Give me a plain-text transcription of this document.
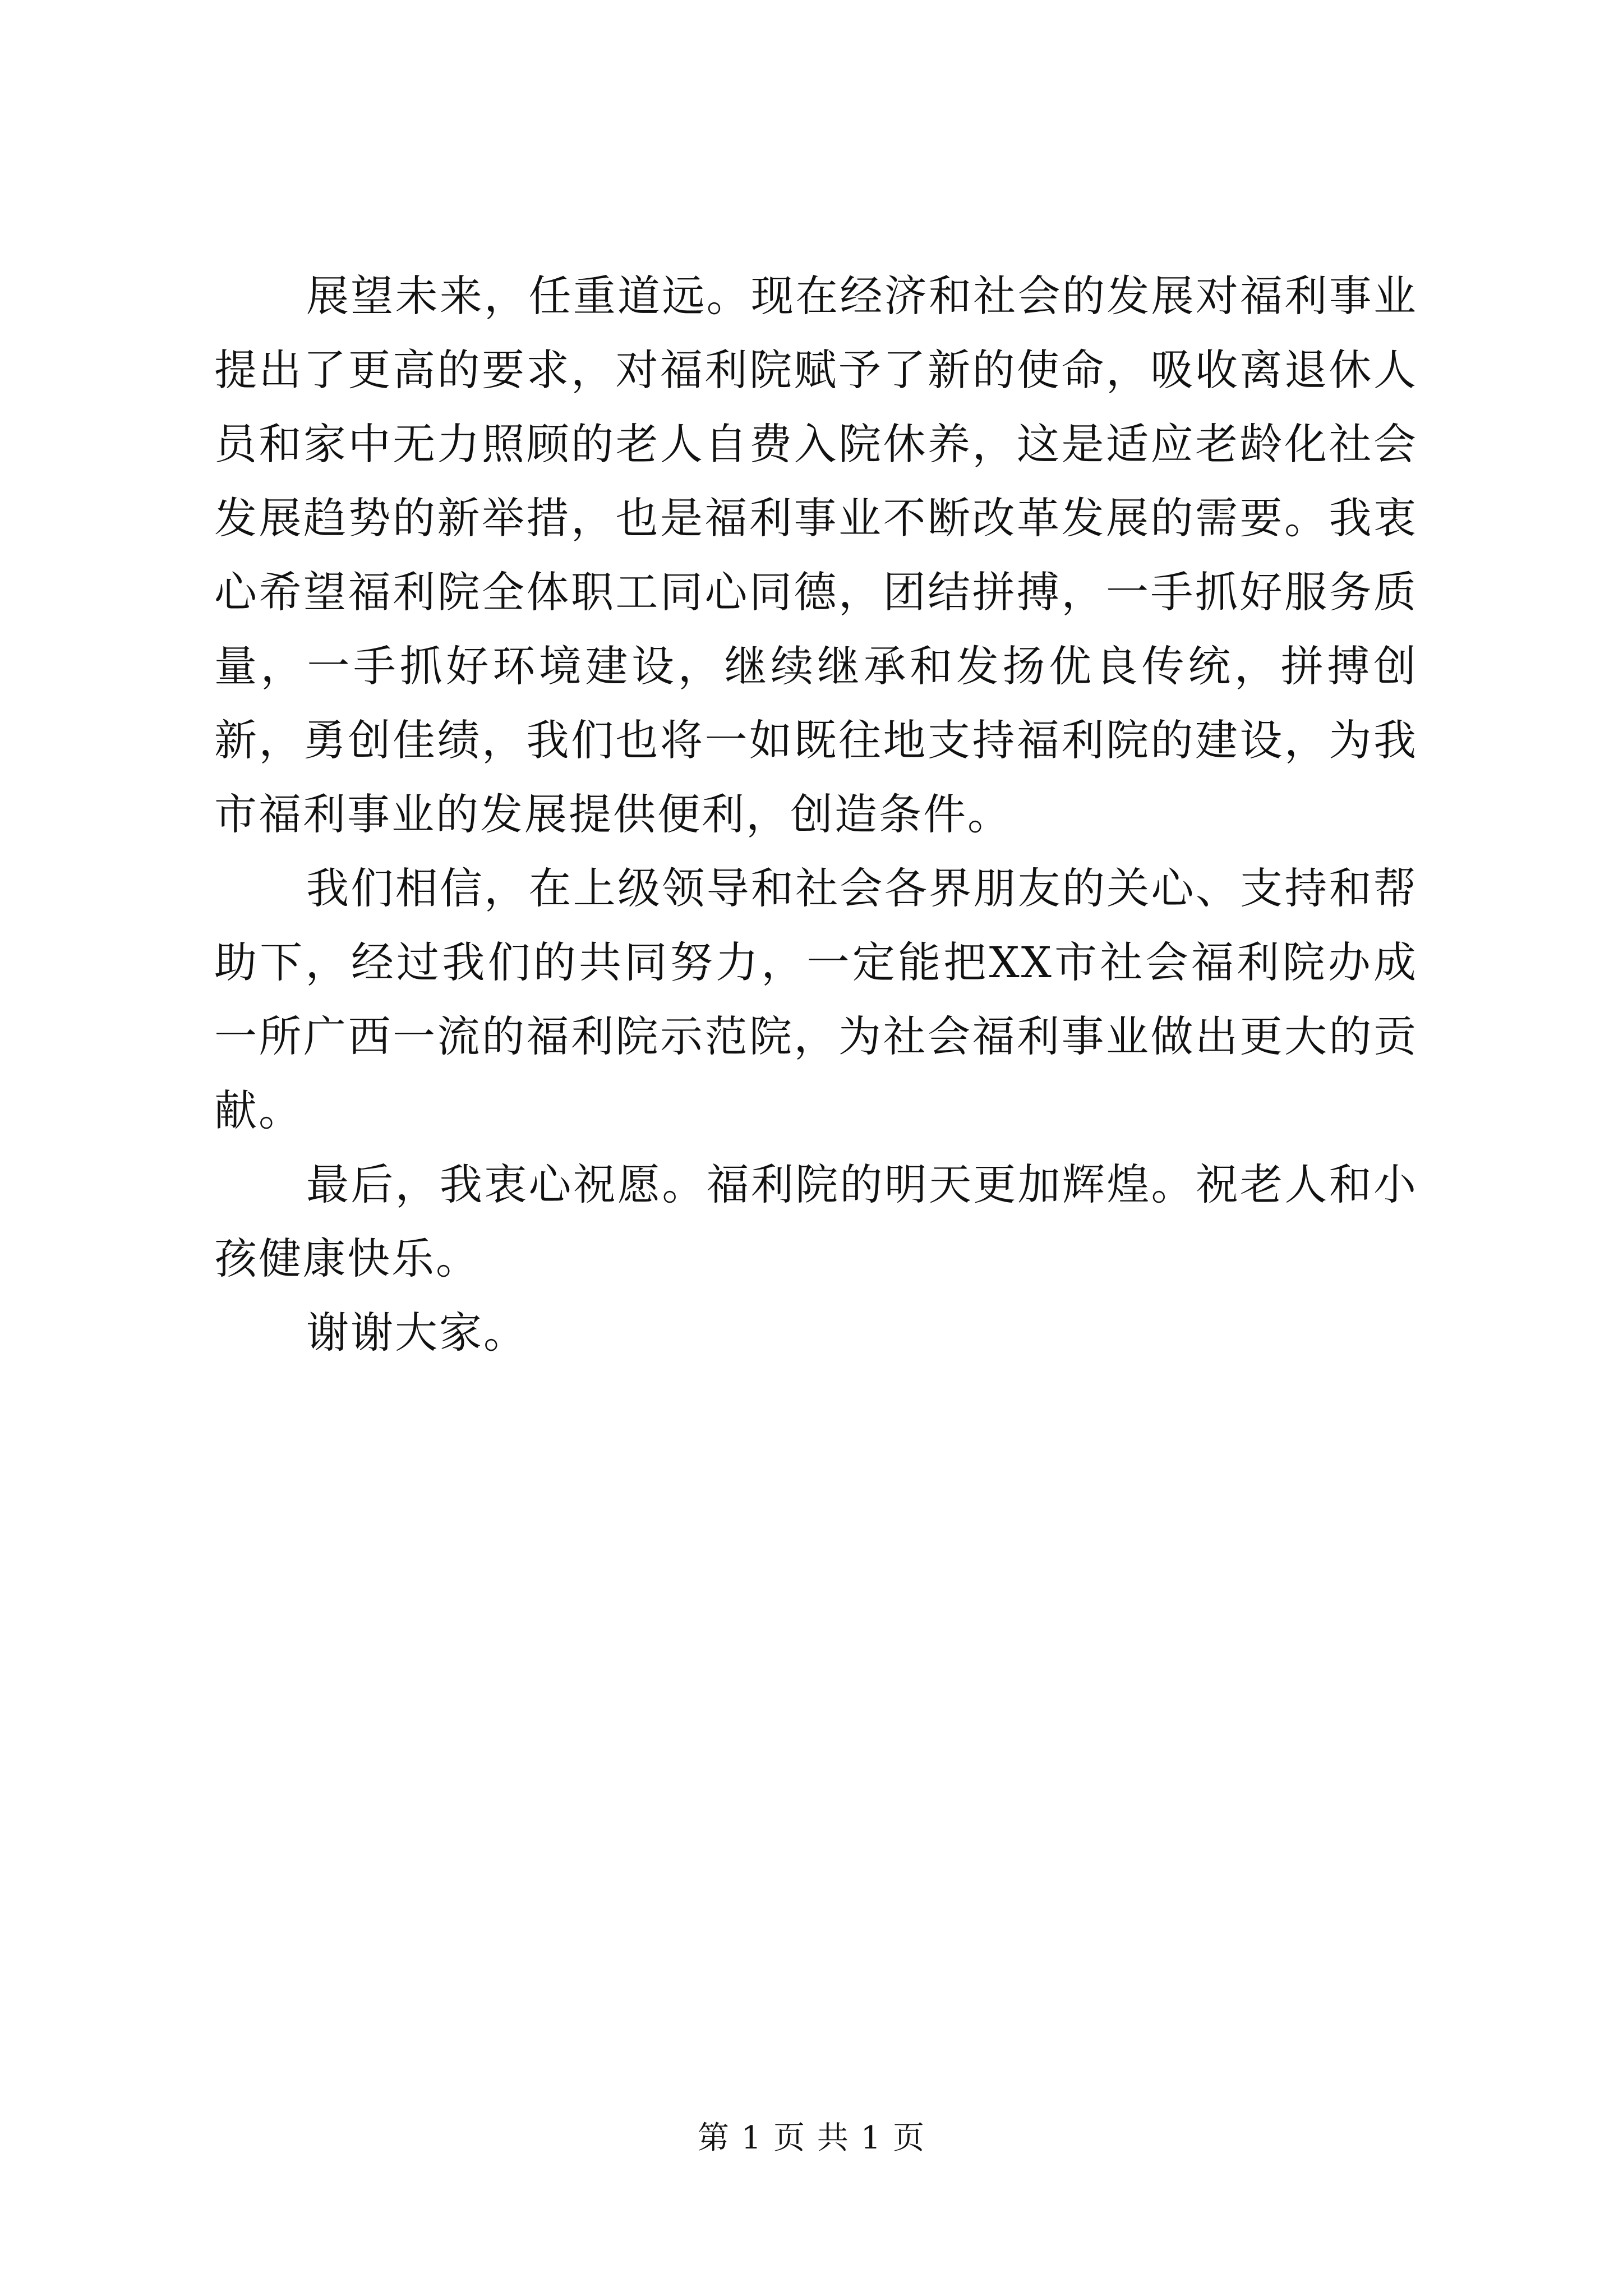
展望未来，任重道远。现在经济和社会的发展对福利事业提出了更高的要求，对福利院赋予了新的使命，吸收离退休人员和家中无力照顾的老人自费入院休养，这是适应老龄化社会发展趋势的新举措，也是福利事业不断改革发展的需要。我衷心希望福利院全体职工同心同德，团结拼搏，一手抓好服务质量，一手抓好环境建设，继续继承和发扬优良传统，拼搏创新，勇创佳绩，我们也将一如既往地支持福利院的建设，为我市福利事业的发展提供便利，创造条件。

我们相信，在上级领导和社会各界朋友的关心、支持和帮助下，经过我们的共同努力，一定能把XX市社会福利院办成一所广西一流的福利院示范院，为社会福利事业做出更大的贡献。

最后，我衷心祝愿。福利院的明天更加辉煌。祝老人和小孩健康快乐。

谢谢大家。

第 1 页 共 1 页
